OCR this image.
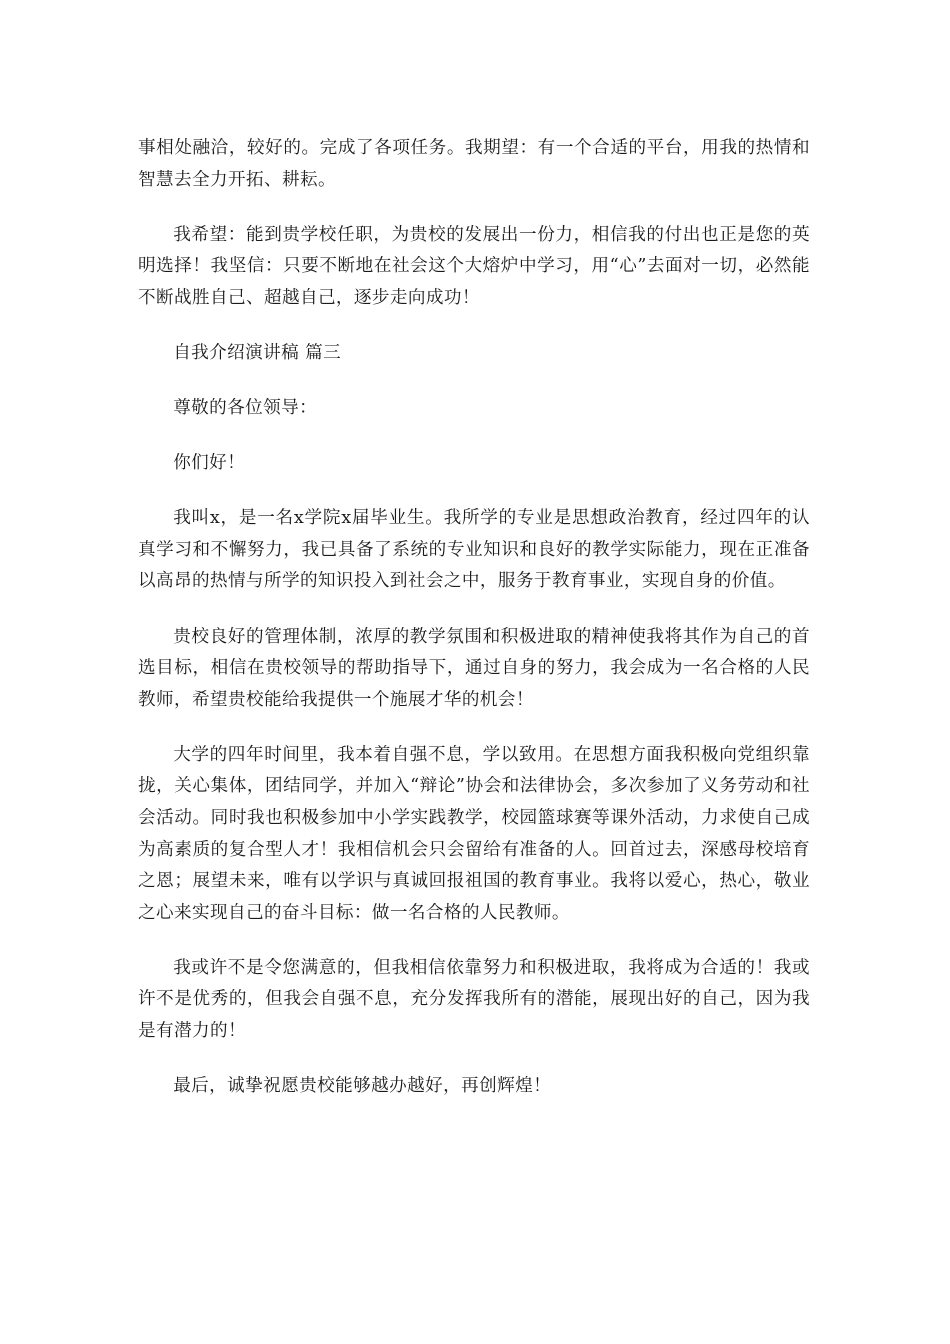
事相处融洽，较好的。完成了各项任务。我期望：有一个合适的平台，用我的热情和智慧去全力开拓、耕耘。

我希望：能到贵学校任职，为贵校的发展出一份力，相信我的付出也正是您的英明选择！我坚信：只要不断地在社会这个大熔炉中学习，用“心”去面对一切，必然能不断战胜自己、超越自己，逐步走向成功！

自我介绍演讲稿 篇三

尊敬的各位领导：

你们好！

我叫x，是一名x学院x届毕业生。我所学的专业是思想政治教育，经过四年的认真学习和不懈努力，我已具备了系统的专业知识和良好的教学实际能力，现在正准备以高昂的热情与所学的知识投入到社会之中，服务于教育事业，实现自身的价值。

贵校良好的管理体制，浓厚的教学氛围和积极进取的精神使我将其作为自己的首选目标，相信在贵校领导的帮助指导下，通过自身的努力，我会成为一名合格的人民教师，希望贵校能给我提供一个施展才华的机会！

大学的四年时间里，我本着自强不息，学以致用。在思想方面我积极向党组织靠拢，关心集体，团结同学，并加入“辩论”协会和法律协会，多次参加了义务劳动和社会活动。同时我也积极参加中小学实践教学，校园篮球赛等课外活动，力求使自己成为高素质的复合型人才！我相信机会只会留给有准备的人。回首过去，深感母校培育之恩；展望未来，唯有以学识与真诚回报祖国的教育事业。我将以爱心，热心，敬业之心来实现自己的奋斗目标：做一名合格的人民教师。

我或许不是令您满意的，但我相信依靠努力和积极进取，我将成为合适的！我或许不是优秀的，但我会自强不息，充分发挥我所有的潜能，展现出好的自己，因为我是有潜力的！

最后，诚挚祝愿贵校能够越办越好，再创辉煌！
